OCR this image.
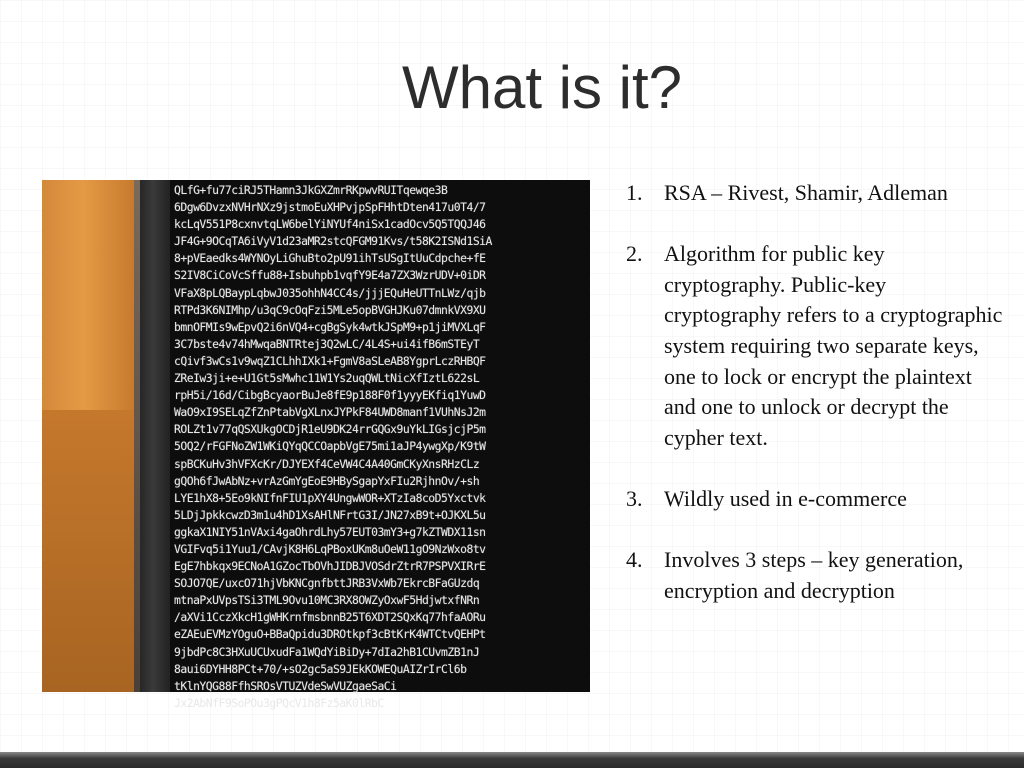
What is it?
QLfG+fu77ciRJ5THamn3JkGXZmrRKpwvRUITqewqe3B
6Dgw6DvzxNVHrNXz9jstmoEuXHPvjpSpFHhtDten417u0T4/7
kcLqV551P8cxnvtqLW6belYiNYUf4niSx1cadOcv5Q5TQQJ46
JF4G+9OCqTA6iVyV1d23aMR2stcQFGM91Kvs/t58K2ISNd1SiA
8+pVEaedks4WYNOyLiGhuBto2pU91ihTsUSgItUuCdpche+fE
S2IV8CiCoVcSffu88+Isbuhpb1vqfY9E4a7ZX3WzrUDV+0iDR
VFaX8pLQBaypLqbwJ035ohhN4CC4s/jjjEQuHeUTTnLWz/qjb
RTPd3K6NIMhp/u3qC9cOqFzi5MLe5opBVGHJKu07dmnkVX9XU
bmnOFMIs9wEpvQ2i6nVQ4+cgBgSyk4wtkJSpM9+p1jiMVXLqF
3C7bste4v74hMwqaBNTRtej3Q2wLC/4L4S+ui4ifB6mSTEyT
cQivf3wCs1v9wqZ1CLhhIXk1+FgmV8aSLeAB8YgprLczRHBQF
ZReIw3ji+e+U1Gt5sMwhc11W1Ys2uqQWLtNicXfIztL622sL
rpH5i/16d/CibgBcyaorBuJe8fE9p188F0f1yyyEKfiq1YuwD
WaO9xI9SELqZfZnPtabVgXLnxJYPkF84UWD8manf1VUhNsJ2m
ROLZt1v77qQSXUkgOCDjR1eU9DK24rrGQGx9uYkLIGsjcjP5m
5OQ2/rFGFNoZW1WKiQYqQCCOapbVgE75mi1aJP4ywgXp/K9tW
spBCKuHv3hVFXcKr/DJYEXf4CeVW4C4A40GmCKyXnsRHzCLz
gQOh6fJwAbNz+vrAzGmYgEoE9HBySgapYxFIu2RjhnOv/+sh
LYE1hX8+5Eo9kNIfnFIU1pXY4UngwWOR+XTzIa8coD5Yxctvk
5LDjJpkkcwzD3m1u4hD1XsAHlNFrtG3I/JN27xB9t+OJKXL5u
ggkaX1NIY51nVAxi4gaOhrdLhy57EUT03mY3+g7kZTWDX11sn
VGIFvq5i1Yuu1/CAvjK8H6LqPBoxUKm8uOeW11gO9NzWxo8tv
EgE7hbkqx9ECNoA1GZocTbOVhJIDBJVOSdrZtrR7PSPVXIRrE
SOJO7QE/uxcO71hjVbKNCgnfbttJRB3VxWb7EkrcBFaGUzdq
mtnaPxUVpsTSi3TML9Ovu10MC3RX8OWZyOxwF5HdjwtxfNRn
/aXVi1CczXkcH1gWHKrnfmsbnnB25T6XDT2SQxKq77hfaAORu
eZAEuEVMzYOguO+BBaQpidu3DROtkpf3cBtKrK4WTCtvQEHPt
9jbdPc8C3HXuUCUxudFa1WQdYiBiDy+7dIa2hB1CUvmZB1nJ
8aui6DYHH8PCt+70/+sO2gc5aS9JEkKOWEQuAIZrIrCl6b
tKlnYQG88FfhSROsVTUZVdeSwVUZgaeSaCi
Jx2AbNfF9SoPOu3gPQcV1h8Fz5aK0lRbC
1. RSA – Rivest, Shamir, Adleman
2. Algorithm for public key cryptography. Public-key cryptography refers to a cryptographic system requiring two separate keys, one to lock or encrypt the plaintext and one to unlock or decrypt the cypher text.
3. Wildly used in e-commerce
4. Involves 3 steps – key generation, encryption and decryption
